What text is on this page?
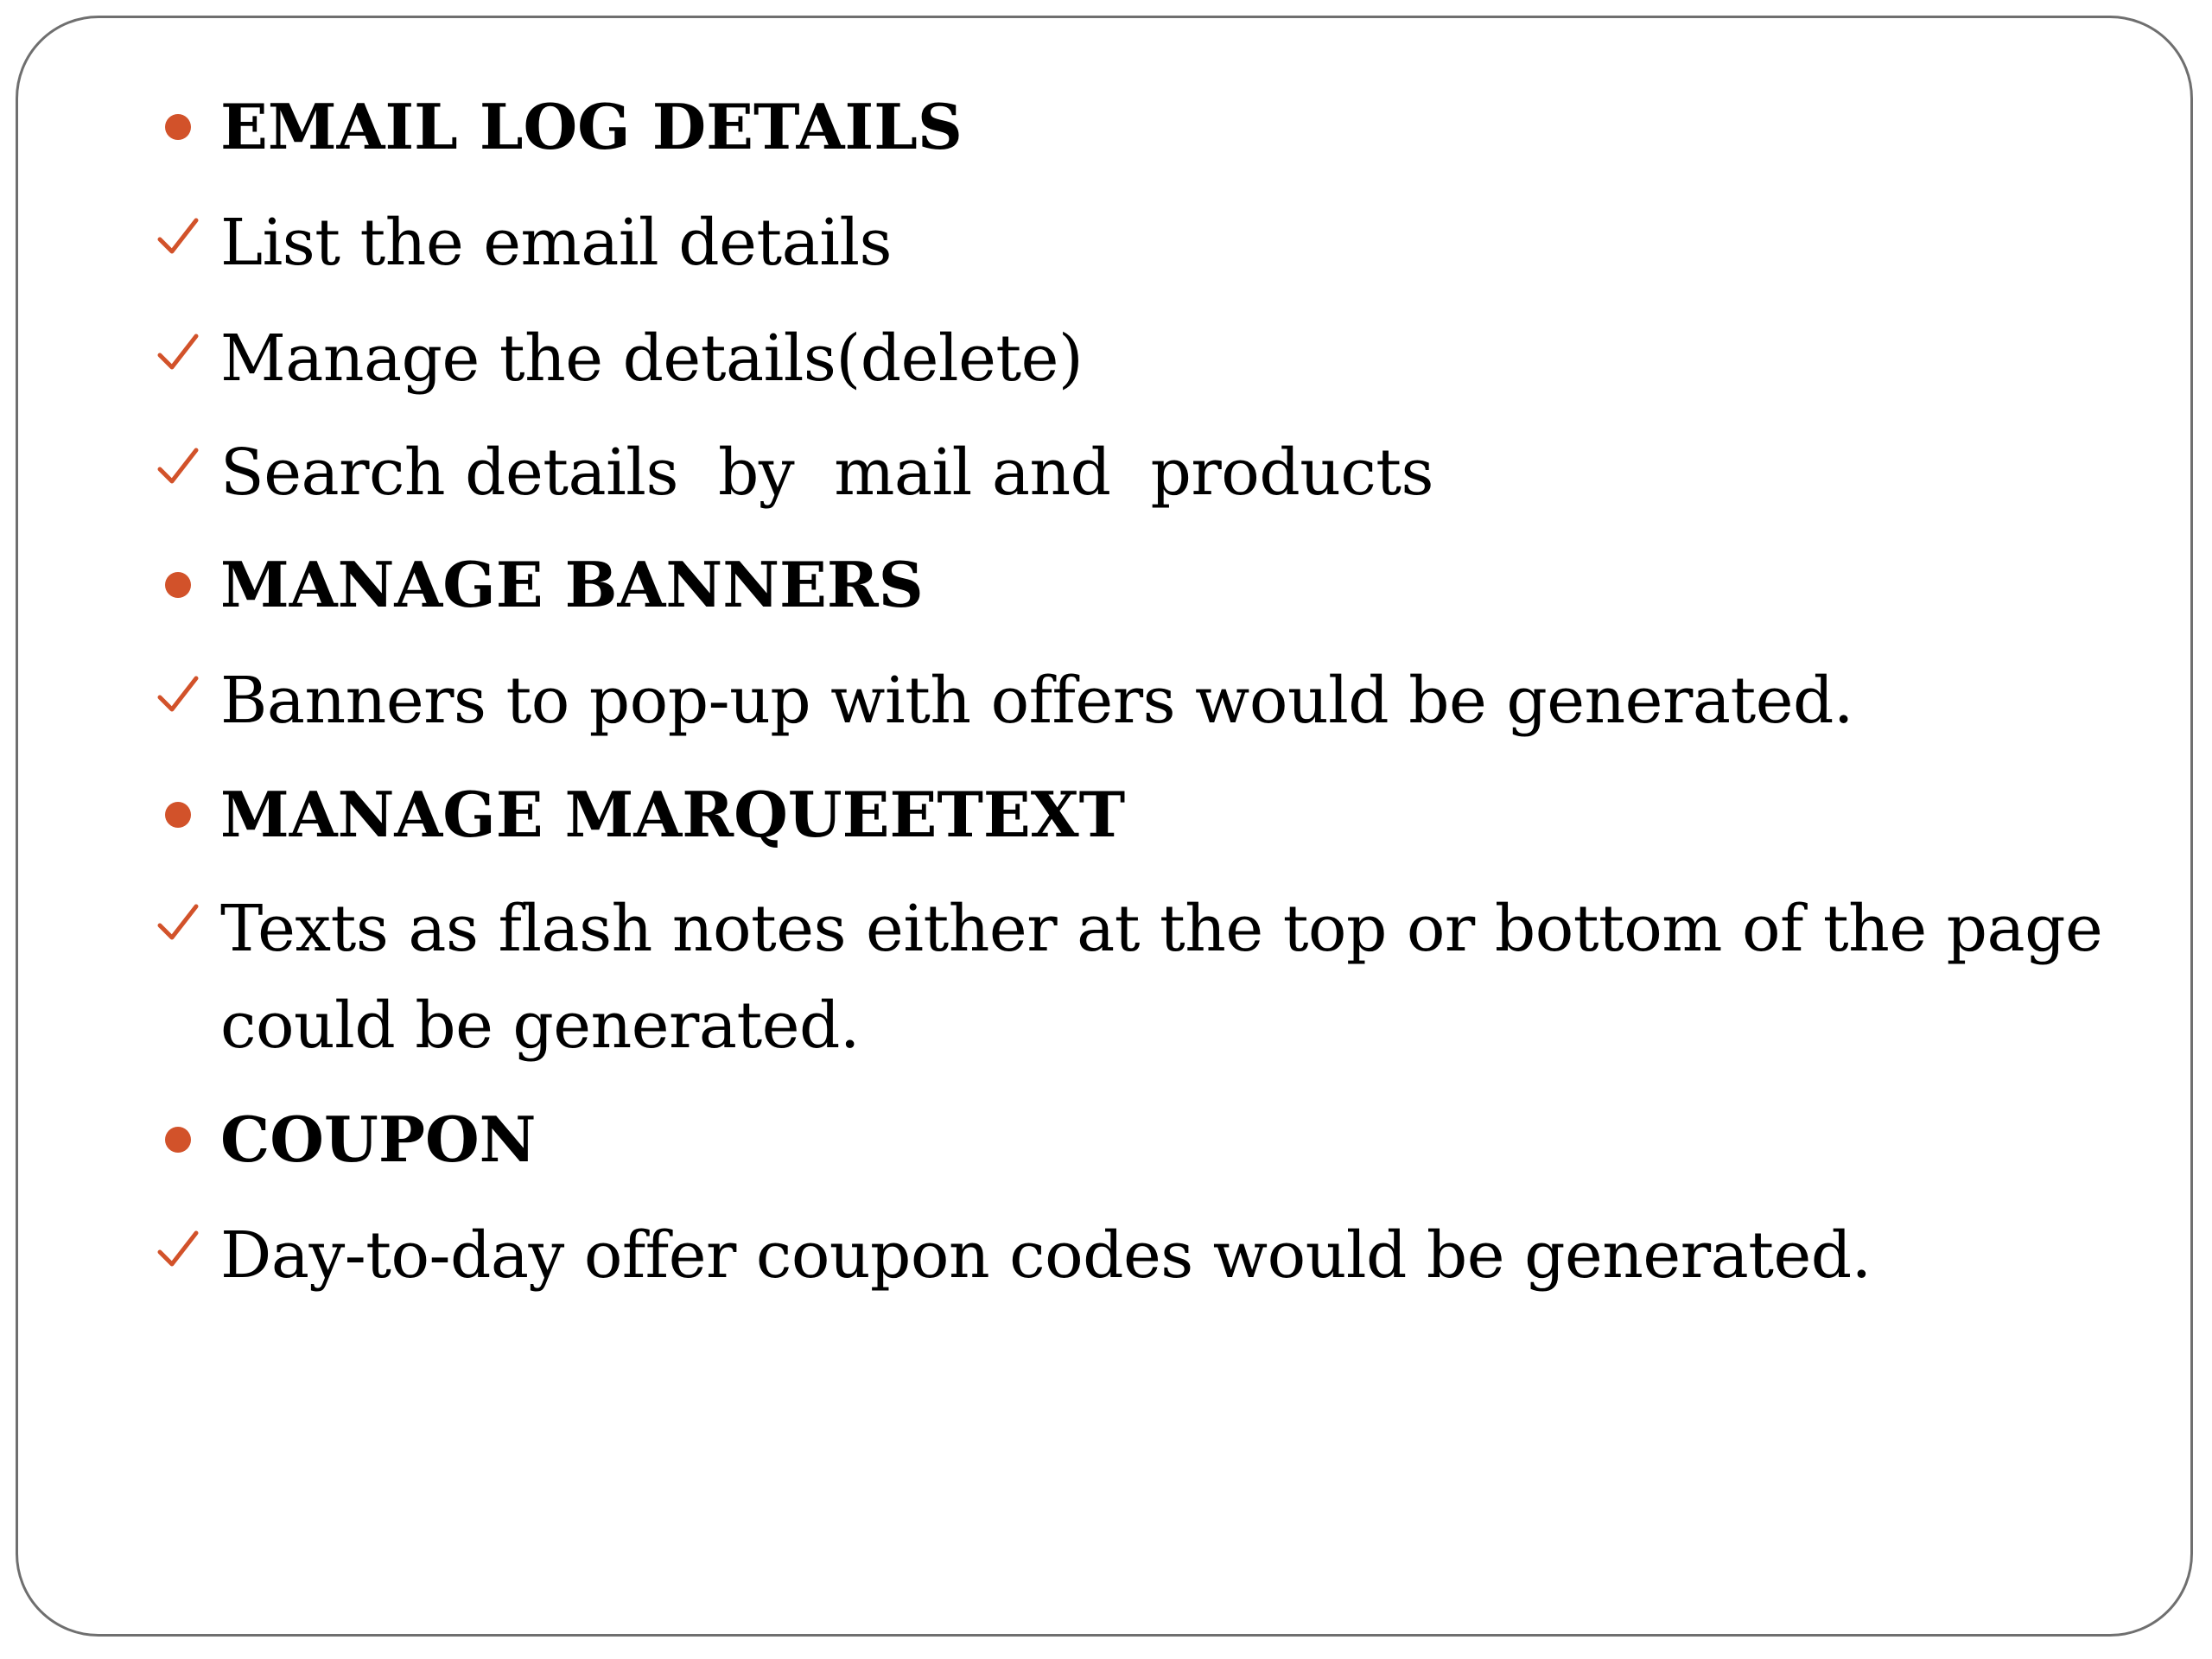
EMAIL LOG DETAILS
List the email details
Manage the details(delete)
Search details  by  mail and  products
MANAGE BANNERS
Banners to pop-up with offers would be generated.
MANAGE MARQUEETEXT
Texts as flash notes either at the top or bottom of the page could be generated.
COUPON
Day-to-day offer coupon codes would be generated.
